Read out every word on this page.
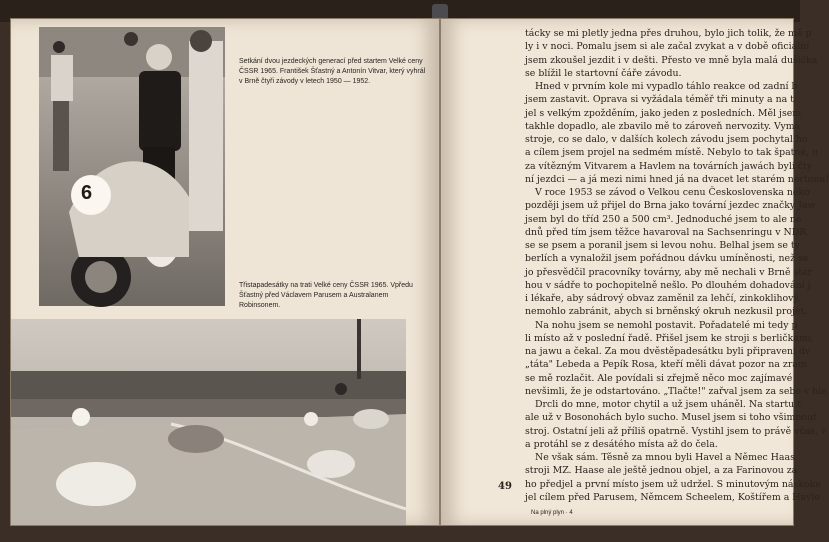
6
Setkání dvou jezdeckých generací před startem Velké ceny ČSSR 1965. František Šťastný a Antonín Vitvar, který vyhrál v Brně čtyři závody v letech 1950 — 1952.
Třistapadesátky na trati Velké ceny ČSSR 1965. Vpředu Šťastný před Václavem Parusem a Australanem Robinsonem.
tácky se mi pletly jedna přes druhou, bylo jich tolik, že mě p
ly i v noci. Pomalu jsem si ale začal zvykat a v době oficiální
jsem zkoušel jezdit i v dešti. Přesto ve mně byla malá dušička
se blížil le startovní čáře závodu.
Hned v prvním kole mi vypadlo táhlo reakce od zadní b
jsem zastavit. Oprava si vyžádala téměř tři minuty a na t
jel s velkým zpožděním, jako jeden z posledních. Měl jsem
takhle dopadlo, ale zbavilo mě to zároveň nervozity. Vymá
stroje, co se dalo, v dalších kolech závodu jsem pochytal ho
a cílem jsem projel na sedmém místě. Nebylo to tak špatné, u
za vítězným Vitvarem a Havlem na továrních jawách byli čty
ní jezdci — a já mezi nimi hned já na dvacet let starém nortonu!
V roce 1953 se závod o Velkou cenu Československa neko
později jsem už přijel do Brna jako tovární jezdec značky Jaw
jsem byl do tříd 250 a 500 cm³. Jednoduché jsem to ale ne
dnů před tím jsem těžce havaroval na Sachsenringu v NDR.
se se psem a poranil jsem si levou nohu. Belhal jsem se ty
berlích a vynaložil jsem pořádnou dávku umíněnosti, než se
jo přesvědčil pracovníky továrny, aby mě nechali v Brně star
hou v sádře to pochopitelně nešlo. Po dlouhém dohadování j
i lékaře, aby sádrový obvaz zaměnil za lehčí, zinkoklihový.
nemohlo zabránit, abych si brněnský okruh nezkusil projet.
Na nohu jsem se nemohl postavit. Pořadatelé mi tedy p
li místo až v poslední řadě. Přišel jsem ke stroji s berličkami,
na jawu a čekal. Za mou dvěstěpadesátku byli připraveni dv
„táta" Lebeda a Pepík Rosa, kteří měli dávat pozor na zram
se mě rozlačit. Ale povídali si zřejmě něco moc zajímavé
nevšimli, že je odstartováno. „Tlačte!" zařval jsem za sebe v ble
Drcli do mne, motor chytil a už jsem uháněl. Na startu t
ale už v Bosonohách bylo sucho. Musel jsem si toho všimnout
stroj. Ostatní jeli až příliš opatrně. Vystihl jsem to právě včas, v
a protáhl se z desátého místa až do čela.
Ne však sám. Těsně za mnou byli Havel a Němec Haas
stroji MZ. Haase ale ještě jednou objel, a za Farinovou za
ho předjel a první místo jsem už udržel. S minutovým náskoke
jel cílem před Parusem, Němcem Scheelem, Koštířem a Havle
49
Na plný plyn · 4
